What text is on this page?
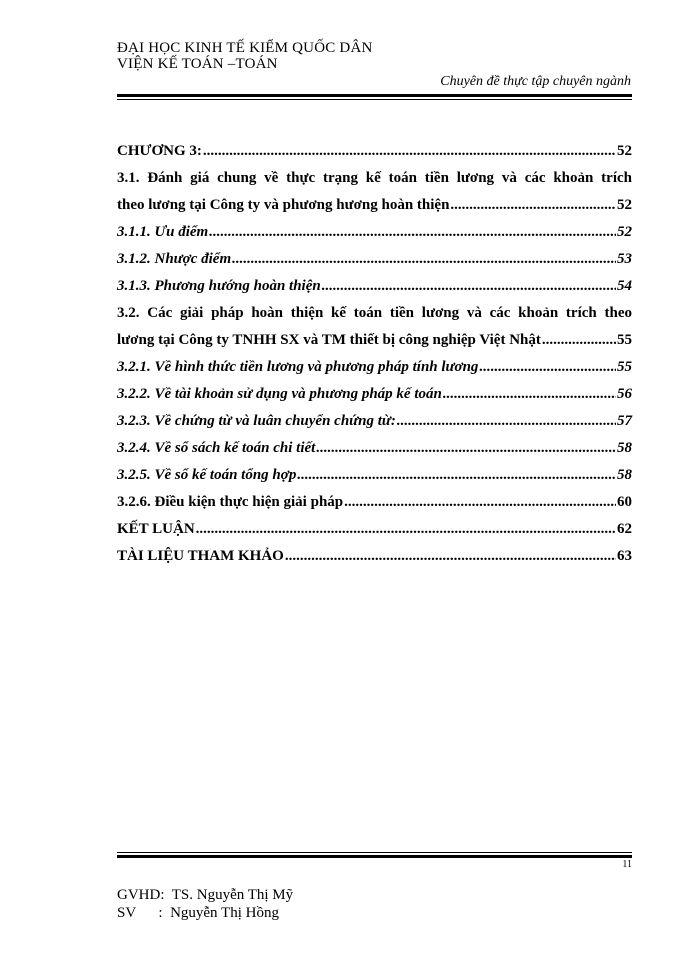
ĐẠI HỌC KINH TẾ KIỂM QUỐC DÂN
VIỆN KẾ TOÁN –TOÁN
Chuyên đề thực tập chuyên ngành
CHƯƠNG 3: .....	52
3.1. Đánh giá chung về thực trạng kế toán tiền lương và các khoản trích
theo lương tại Công ty và phương hương hoàn thiện .....	52
3.1.1. Ưu điểm .....	52
3.1.2. Nhược điểm .....	53
3.1.3. Phương hướng hoàn thiện .....	54
3.2. Các giải pháp hoàn thiện kế toán tiền lương và các khoản trích theo
lương tại Công ty TNHH SX và TM thiết bị công nghiệp Việt Nhật .....	55
3.2.1. Về hình thức tiền lương và phương pháp tính lương .....	55
3.2.2. Về tài khoản sử dụng và phương pháp kế toán .....	56
3.2.3. Về chứng từ và luân chuyển chứng từ: .....	57
3.2.4. Về sổ sách kế toán chi tiết .....	58
3.2.5. Về sổ kế toán tổng hợp .....	58
3.2.6. Điều kiện thực hiện giải pháp .....	60
KẾT LUẬN .....	62
TÀI LIỆU THAM KHẢO .....	63
11
GVHD:  TS. Nguyễn Thị Mỹ
SV      :  Nguyễn Thị Hồng
